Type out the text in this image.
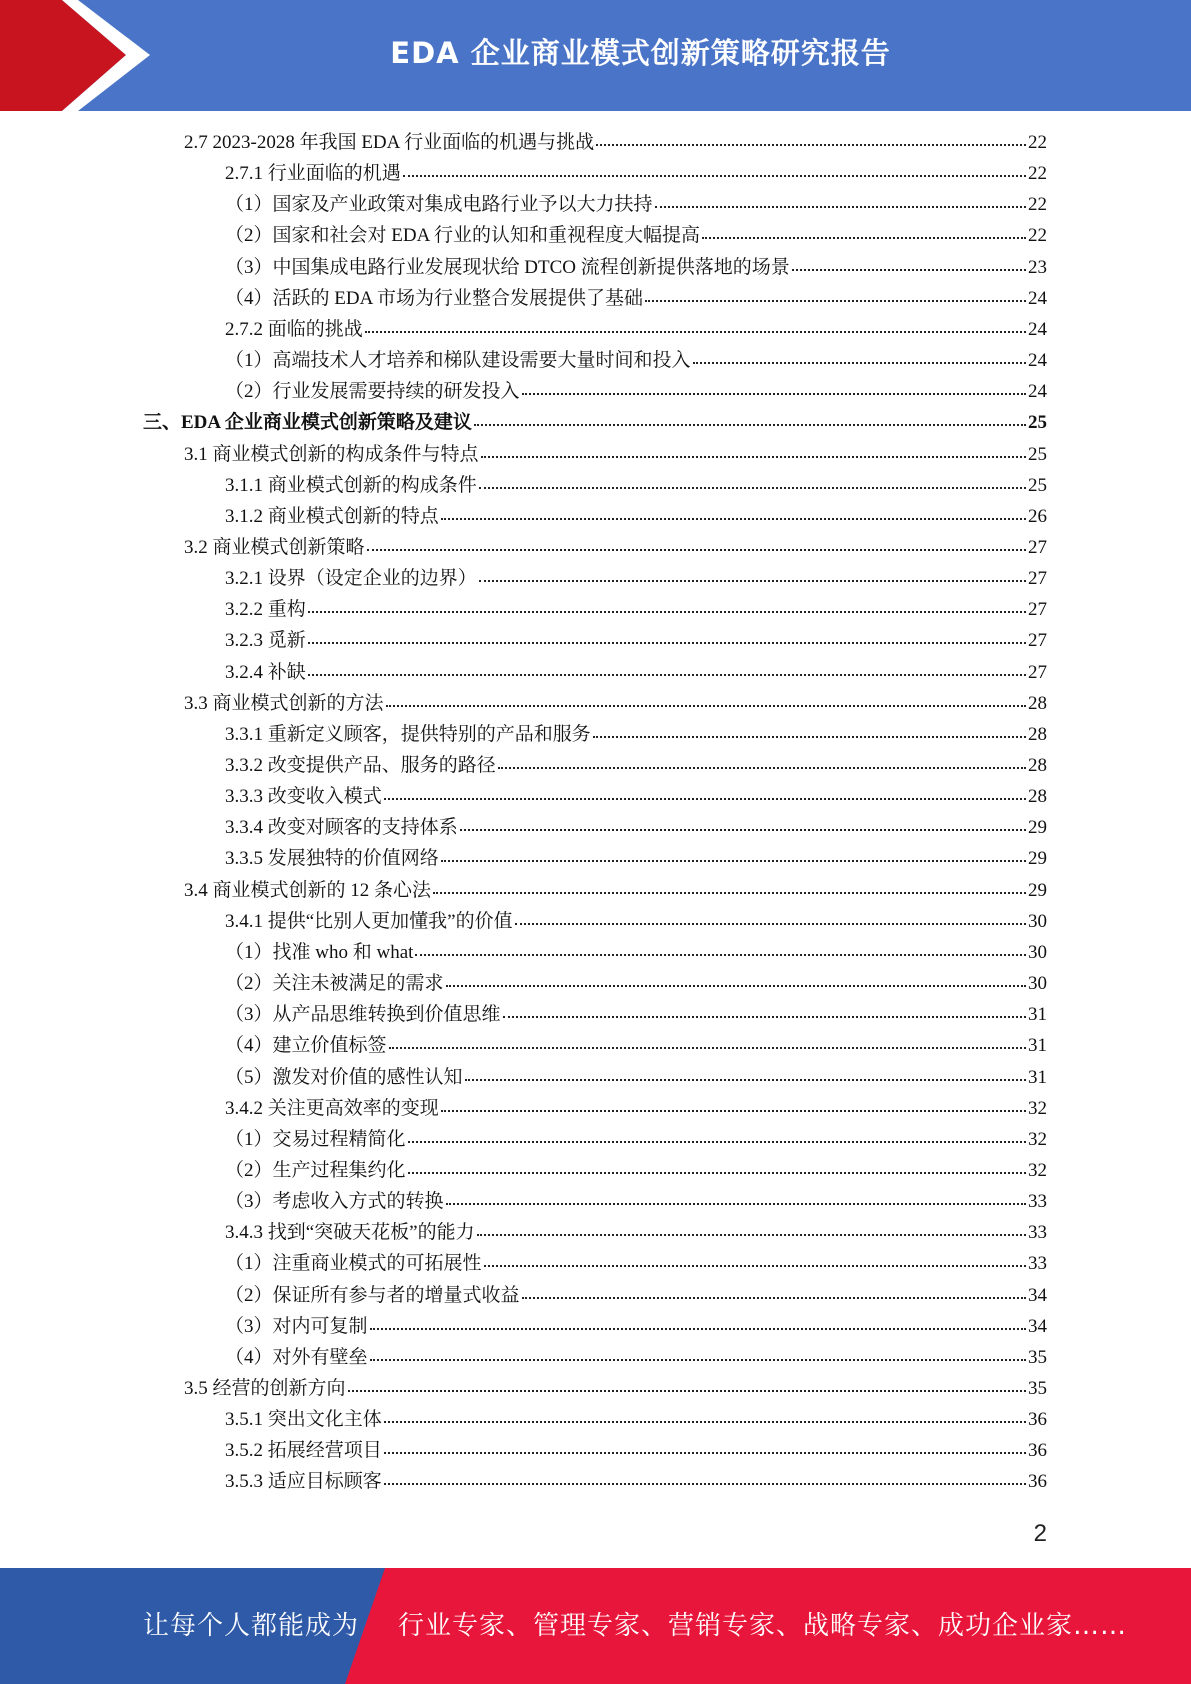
EDA 企业商业模式创新策略研究报告
2.7 2023-2028 年我国 EDA 行业面临的机遇与挑战	22
2.7.1 行业面临的机遇	22
（1）国家及产业政策对集成电路行业予以大力扶持	22
（2）国家和社会对 EDA 行业的认知和重视程度大幅提高	22
（3）中国集成电路行业发展现状给 DTCO 流程创新提供落地的场景	23
（4）活跃的 EDA 市场为行业整合发展提供了基础	24
2.7.2 面临的挑战	24
（1）高端技术人才培养和梯队建设需要大量时间和投入	24
（2）行业发展需要持续的研发投入	24
三、EDA 企业商业模式创新策略及建议	25
3.1 商业模式创新的构成条件与特点	25
3.1.1 商业模式创新的构成条件	25
3.1.2 商业模式创新的特点	26
3.2 商业模式创新策略	27
3.2.1 设界（设定企业的边界）	27
3.2.2 重构	27
3.2.3 觅新	27
3.2.4 补缺	27
3.3 商业模式创新的方法	28
3.3.1 重新定义顾客，提供特别的产品和服务	28
3.3.2 改变提供产品、服务的路径	28
3.3.3 改变收入模式	28
3.3.4 改变对顾客的支持体系	29
3.3.5 发展独特的价值网络	29
3.4 商业模式创新的 12 条心法	29
3.4.1 提供“比别人更加懂我”的价值	30
（1）找准 who 和 what	30
（2）关注未被满足的需求	30
（3）从产品思维转换到价值思维	31
（4）建立价值标签	31
（5）激发对价值的感性认知	31
3.4.2 关注更高效率的变现	32
（1）交易过程精简化	32
（2）生产过程集约化	32
（3）考虑收入方式的转换	33
3.4.3 找到“突破天花板”的能力	33
（1）注重商业模式的可拓展性	33
（2）保证所有参与者的增量式收益	34
（3）对内可复制	34
（4）对外有壁垒	35
3.5 经营的创新方向	35
3.5.1 突出文化主体	36
3.5.2 拓展经营项目	36
3.5.3 适应目标顾客	36
2
让每个人都能成为 行业专家、管理专家、营销专家、战略专家、成功企业家……
